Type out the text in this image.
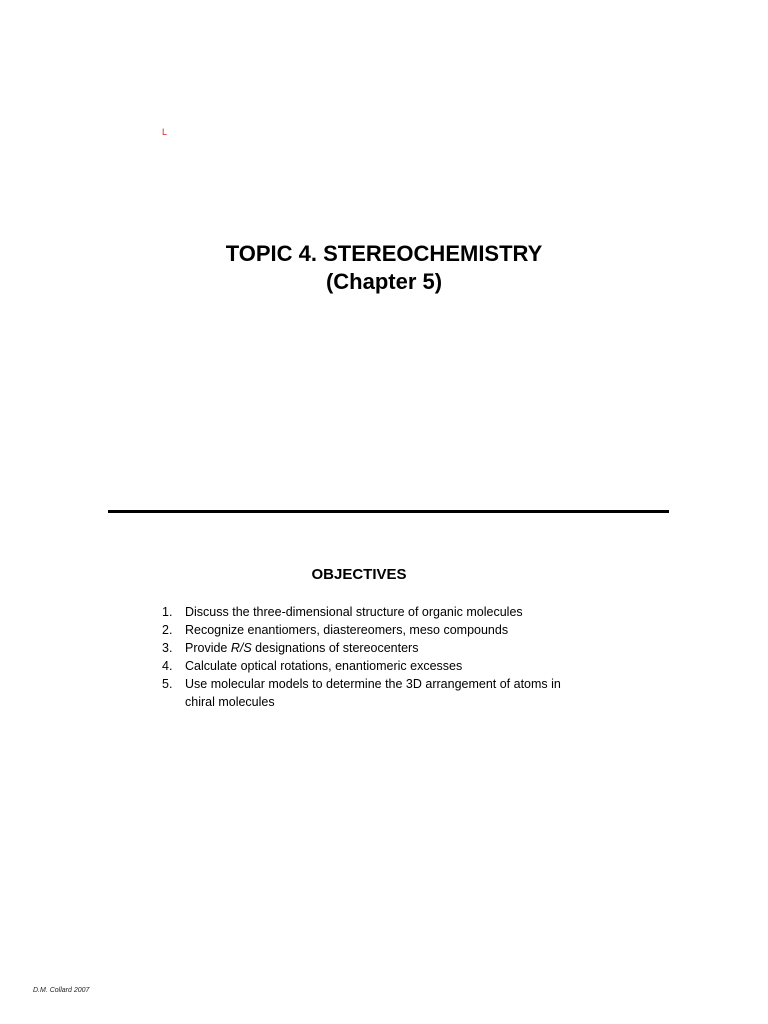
L

TOPIC 4. STEREOCHEMISTRY

(Chapter 5)

OBJECTIVES
1. Discuss the three-dimensional structure of organic molecules
2. Recognize enantiomers, diastereomers, meso compounds
3. Provide R/S designations of stereocenters
4. Calculate optical rotations, enantiomeric excesses
5. Use molecular models to determine the 3D arrangement of atoms in chiral molecules
D.M. Collard 2007
